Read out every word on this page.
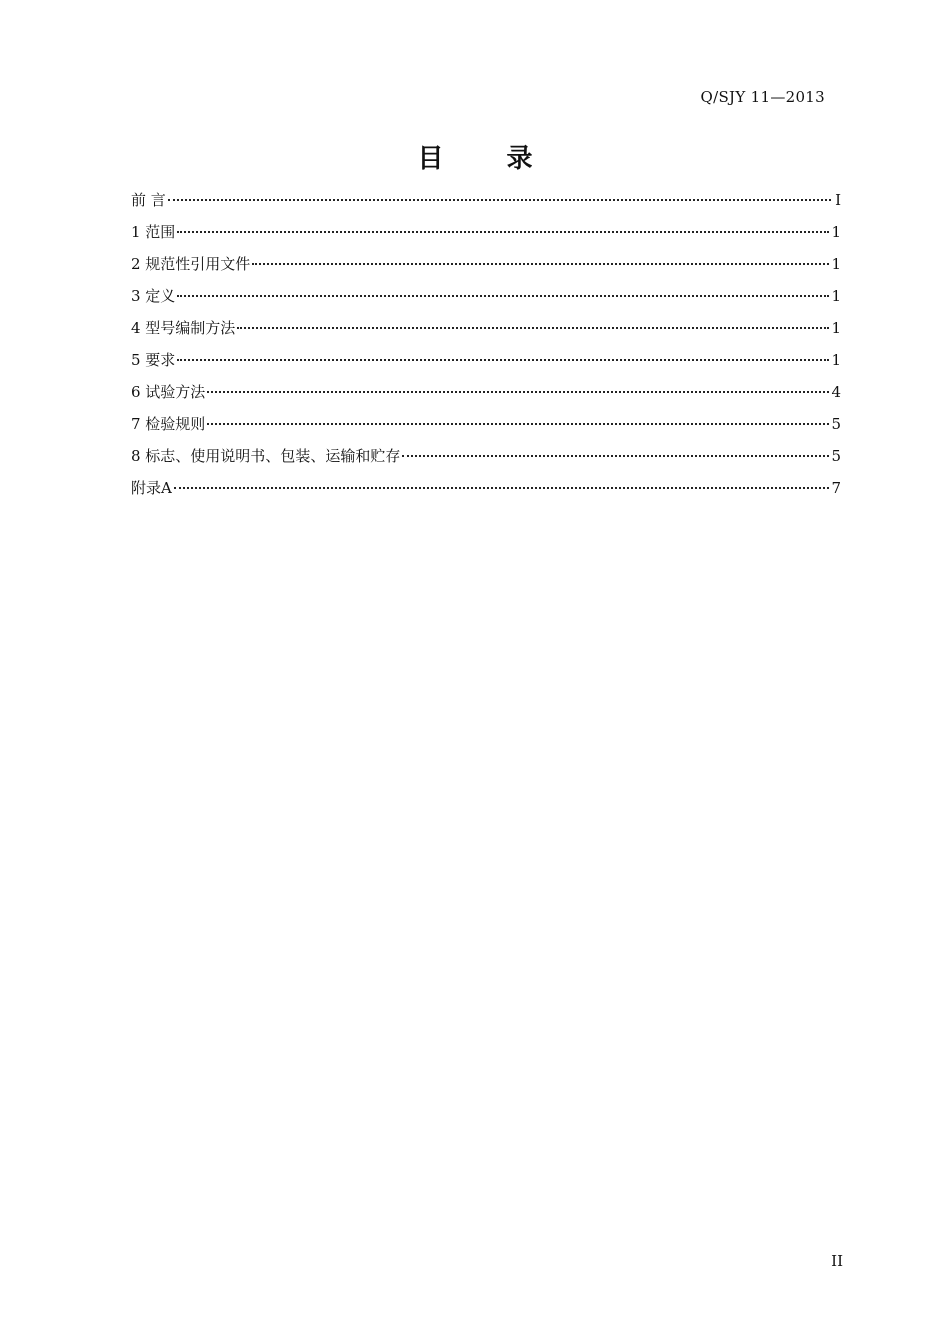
Q/SJY 11—2013
目 录
前 言	I
1 范围	1
2 规范性引用文件	1
3 定义	1
4 型号编制方法	1
5 要求	1
6 试验方法	4
7 检验规则	5
8 标志、使用说明书、包装、运输和贮存	5
附录A	7
II
